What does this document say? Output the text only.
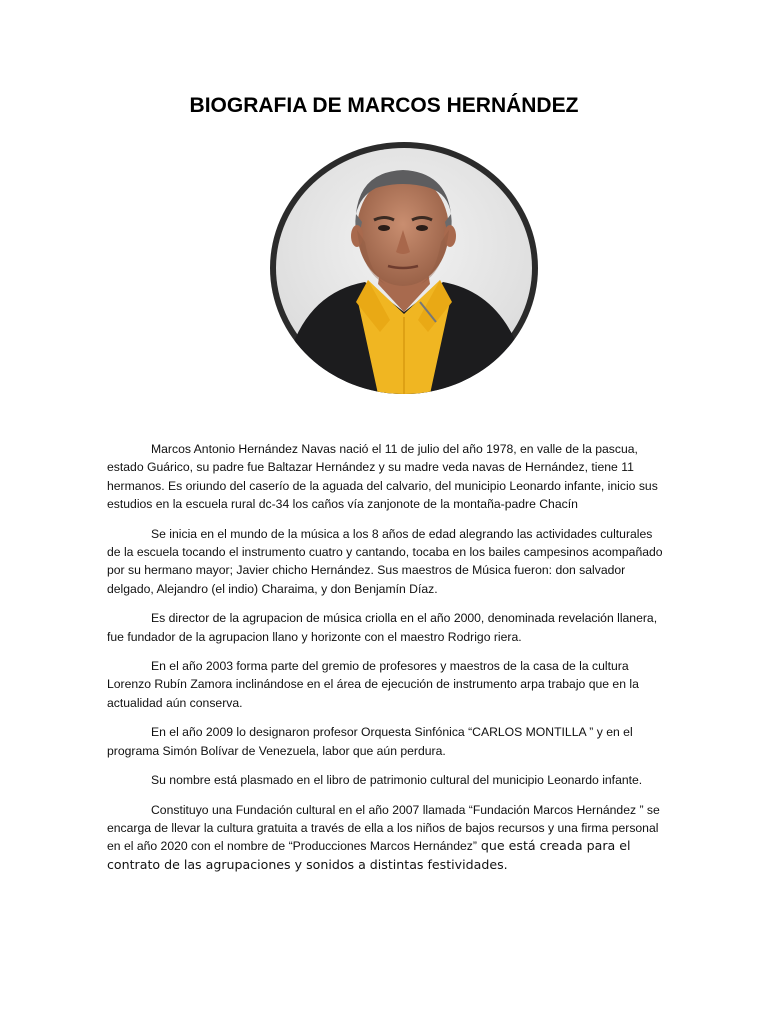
BIOGRAFIA DE MARCOS HERNÁNDEZ

Marcos Antonio Hernández Navas nació el 11 de julio del año 1978, en valle de la pascua, estado Guárico, su padre fue Baltazar Hernández y su madre veda navas de Hernández, tiene 11 hermanos. Es oriundo del caserío de la aguada del calvario, del municipio Leonardo infante, inicio sus estudios en la escuela rural dc-34 los caños vía zanjonote de la montaña-padre Chacín

Se inicia en el mundo de la música a los 8 años de edad alegrando las actividades culturales de la escuela tocando el instrumento cuatro y cantando, tocaba en los bailes campesinos acompañado por su hermano mayor; Javier chicho Hernández. Sus maestros de Música fueron: don salvador delgado, Alejandro (el indio) Charaima, y don Benjamín Díaz.

Es director de la agrupacion de música criolla en el año 2000, denominada revelación llanera, fue fundador de la agrupacion llano y horizonte con el maestro Rodrigo riera.

En el año 2003 forma parte del gremio de profesores y maestros de la casa de la cultura Lorenzo Rubín Zamora inclinándose en el área de ejecución de instrumento arpa trabajo que en la actualidad aún conserva.

En el año 2009 lo designaron profesor Orquesta Sinfónica “CARLOS MONTILLA ” y en el programa Simón Bolívar de Venezuela, labor que aún perdura.

Su nombre está plasmado en el libro de patrimonio cultural del municipio Leonardo infante.

Constituyo una Fundación cultural en el año 2007 llamada “Fundación Marcos Hernández ” se encarga de llevar la cultura gratuita a través de ella a los niños de bajos recursos y una firma personal en el año 2020 con el nombre de “Producciones Marcos Hernández” que está creada para el contrato de las agrupaciones y sonidos a distintas festividades.
